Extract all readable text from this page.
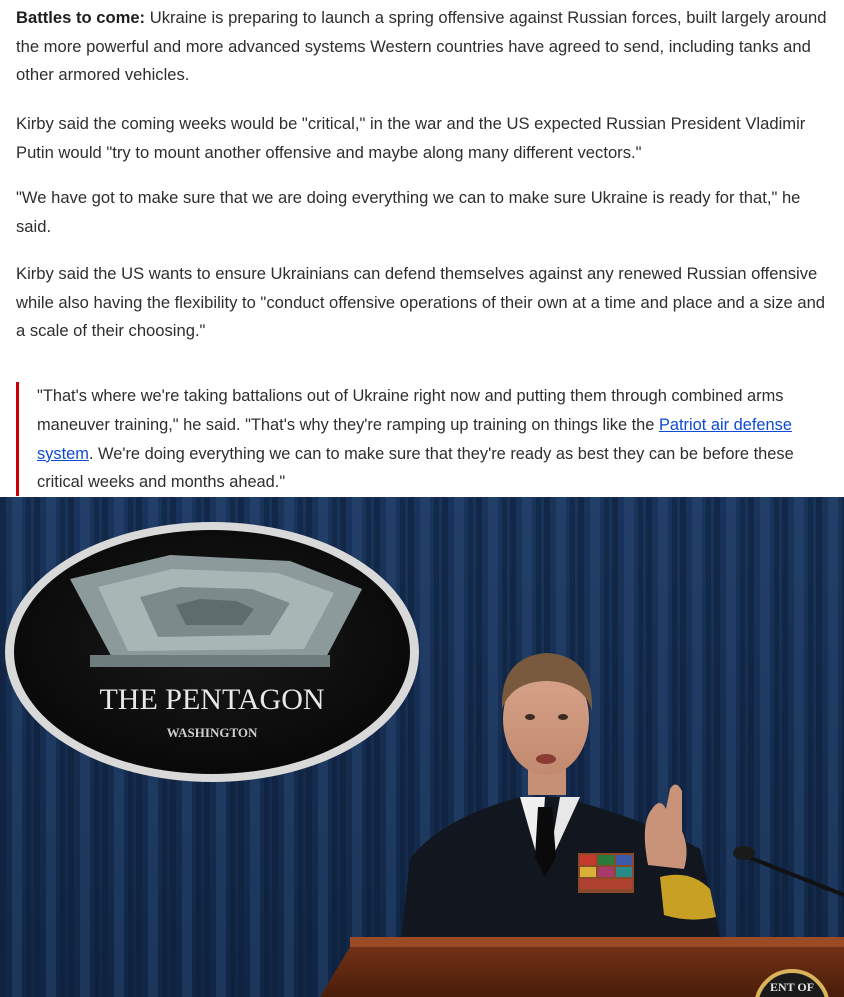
Battles to come: Ukraine is preparing to launch a spring offensive against Russian forces, built largely around the more powerful and more advanced systems Western countries have agreed to send, including tanks and other armored vehicles.

Kirby said the coming weeks would be "critical," in the war and the US expected Russian President Vladimir Putin would "try to mount another offensive and maybe along many different vectors."

"We have got to make sure that we are doing everything we can to make sure Ukraine is ready for that," he said.

Kirby said the US wants to ensure Ukrainians can defend themselves against any renewed Russian offensive while also having the flexibility to "conduct offensive operations of their own at a time and place and a size and a scale of their choosing."

"That's where we're taking battalions out of Ukraine right now and putting them through combined arms maneuver training," he said. "That's why they're ramping up training on things like the Patriot air defense system. We're doing everything we can to make sure that they're ready as best they can be before these critical weeks and months ahead."

THE PENTAGON
WASHINGTON
ENT OF
